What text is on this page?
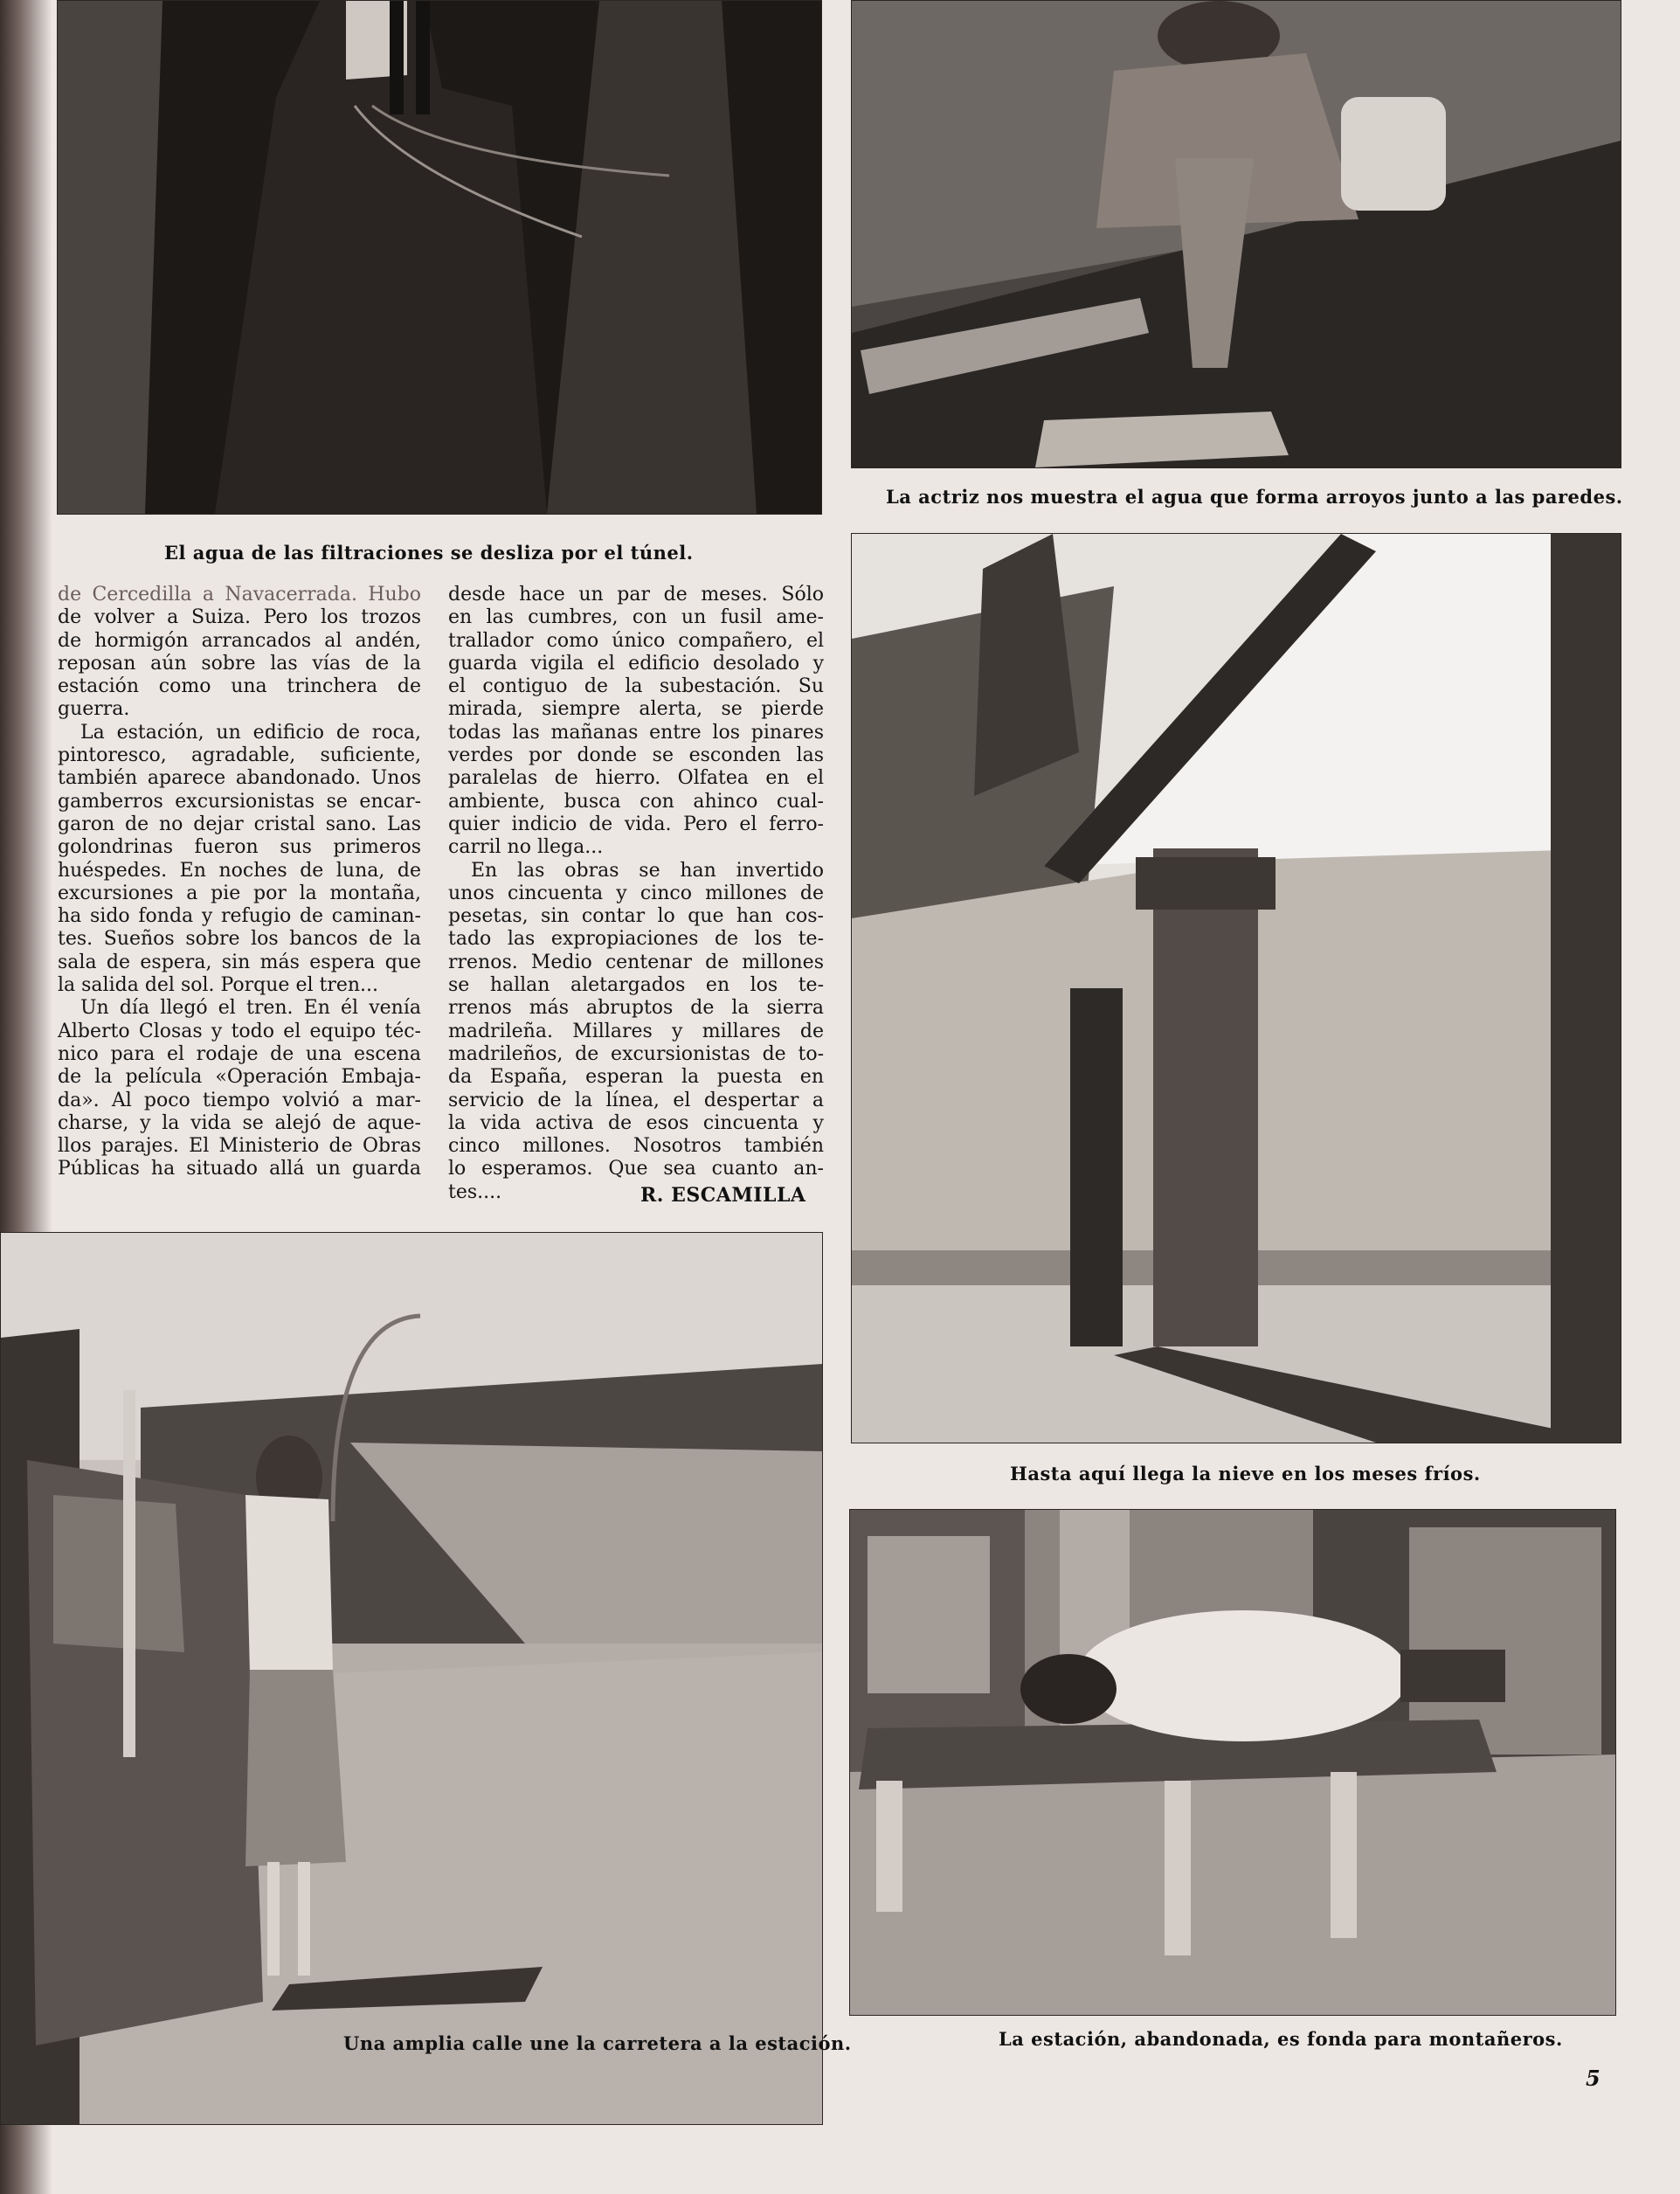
El agua de las filtraciones se desliza por el túnel.
La actriz nos muestra el agua que forma arroyos junto a las paredes.
Hasta aquí llega la nieve en los meses fríos.
de Cercedilla a Navacerrada. Hubo
de volver a Suiza. Pero los trozos
de hormigón arrancados al andén,
reposan aún sobre las vías de la
estación como una trinchera de
guerra.
La estación, un edificio de roca,
pintoresco, agradable, suficiente,
también aparece abandonado. Unos
gamberros excursionistas se encar-
garon de no dejar cristal sano. Las
golondrinas fueron sus primeros
huéspedes. En noches de luna, de
excursiones a pie por la montaña,
ha sido fonda y refugio de caminan-
tes. Sueños sobre los bancos de la
sala de espera, sin más espera que
la salida del sol. Porque el tren...
Un día llegó el tren. En él venía
Alberto Closas y todo el equipo téc-
nico para el rodaje de una escena
de la película «Operación Embaja-
da». Al poco tiempo volvió a mar-
charse, y la vida se alejó de aque-
llos parajes. El Ministerio de Obras
Públicas ha situado allá un guarda
desde hace un par de meses. Sólo
en las cumbres, con un fusil ame-
trallador como único compañero, el
guarda vigila el edificio desolado y
el contiguo de la subestación. Su
mirada, siempre alerta, se pierde
todas las mañanas entre los pinares
verdes por donde se esconden las
paralelas de hierro. Olfatea en el
ambiente, busca con ahinco cual-
quier indicio de vida. Pero el ferro-
carril no llega...
En las obras se han invertido
unos cincuenta y cinco millones de
pesetas, sin contar lo que han cos-
tado las expropiaciones de los te-
rrenos. Medio centenar de millones
se hallan aletargados en los te-
rrenos más abruptos de la sierra
madrileña. Millares y millares de
madrileños, de excursionistas de to-
da España, esperan la puesta en
servicio de la línea, el despertar a
la vida activa de esos cincuenta y
cinco millones. Nosotros también
lo esperamos. Que sea cuanto an-
tes....	R. ESCAMILLA
Una amplia calle une la carretera a la estación.	La estación, abandonada, es fonda para montañeros.
5
